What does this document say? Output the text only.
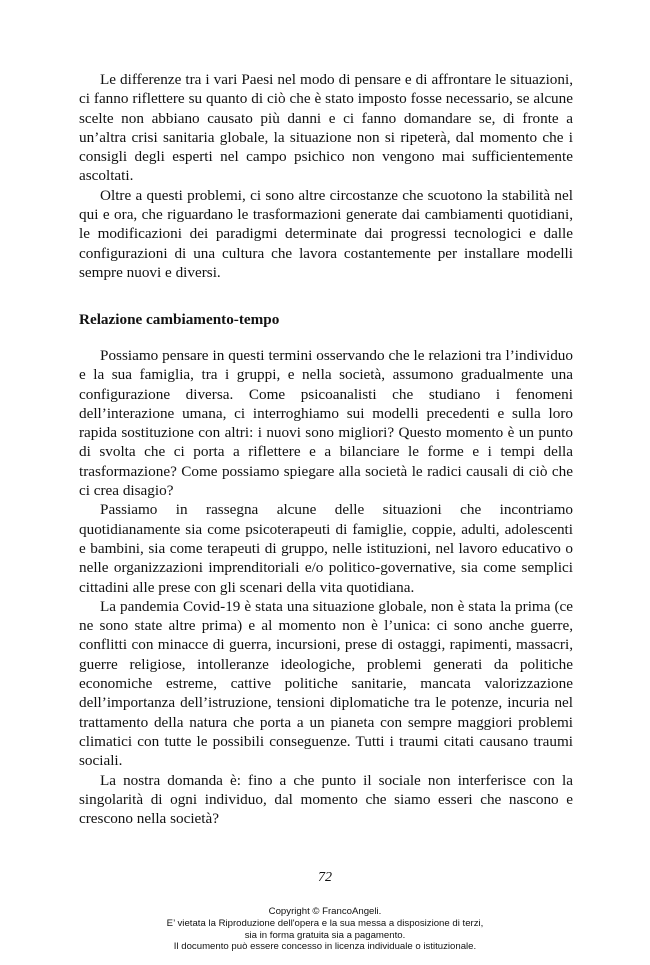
Le differenze tra i vari Paesi nel modo di pensare e di affrontare le situazioni, ci fanno riflettere su quanto di ciò che è stato imposto fosse necessario, se alcune scelte non abbiano causato più danni e ci fanno domandare se, di fronte a un’altra crisi sanitaria globale, la situazione non si ripeterà, dal momento che i consigli degli esperti nel campo psichico non vengono mai sufficientemente ascoltati.

Oltre a questi problemi, ci sono altre circostanze che scuotono la stabilità nel qui e ora, che riguardano le trasformazioni generate dai cambiamenti quotidiani, le modificazioni dei paradigmi determinate dai progressi tecnologici e dalle configurazioni di una cultura che lavora costantemente per installare modelli sempre nuovi e diversi.

Relazione cambiamento-tempo

Possiamo pensare in questi termini osservando che le relazioni tra l’individuo e la sua famiglia, tra i gruppi, e nella società, assumono gradualmente una configurazione diversa. Come psicoanalisti che studiano i fenomeni dell’interazione umana, ci interroghiamo sui modelli precedenti e sulla loro rapida sostituzione con altri: i nuovi sono migliori? Questo momento è un punto di svolta che ci porta a riflettere e a bilanciare le forme e i tempi della trasformazione? Come possiamo spiegare alla società le radici causali di ciò che ci crea disagio?

Passiamo in rassegna alcune delle situazioni che incontriamo quotidianamente sia come psicoterapeuti di famiglie, coppie, adulti, adolescenti e bambini, sia come terapeuti di gruppo, nelle istituzioni, nel lavoro educativo o nelle organizzazioni imprenditoriali e/o politico-governative, sia come semplici cittadini alle prese con gli scenari della vita quotidiana.

La pandemia Covid-19 è stata una situazione globale, non è stata la prima (ce ne sono state altre prima) e al momento non è l’unica: ci sono anche guerre, conflitti con minacce di guerra, incursioni, prese di ostaggi, rapimenti, massacri, guerre religiose, intolleranze ideologiche, problemi generati da politiche economiche estreme, cattive politiche sanitarie, mancata valorizzazione dell’importanza dell’istruzione, tensioni diplomatiche tra le potenze, incuria nel trattamento della natura che porta a un pianeta con sempre maggiori problemi climatici con tutte le possibili conseguenze. Tutti i traumi citati causano traumi sociali.

La nostra domanda è: fino a che punto il sociale non interferisce con la singolarità di ogni individuo, dal momento che siamo esseri che nascono e crescono nella società?

72
Copyright © FrancoAngeli.
E’ vietata la Riproduzione dell'opera e la sua messa a disposizione di terzi,
sia in forma gratuita sia a pagamento.
Il documento può essere concesso in licenza individuale o istituzionale.
